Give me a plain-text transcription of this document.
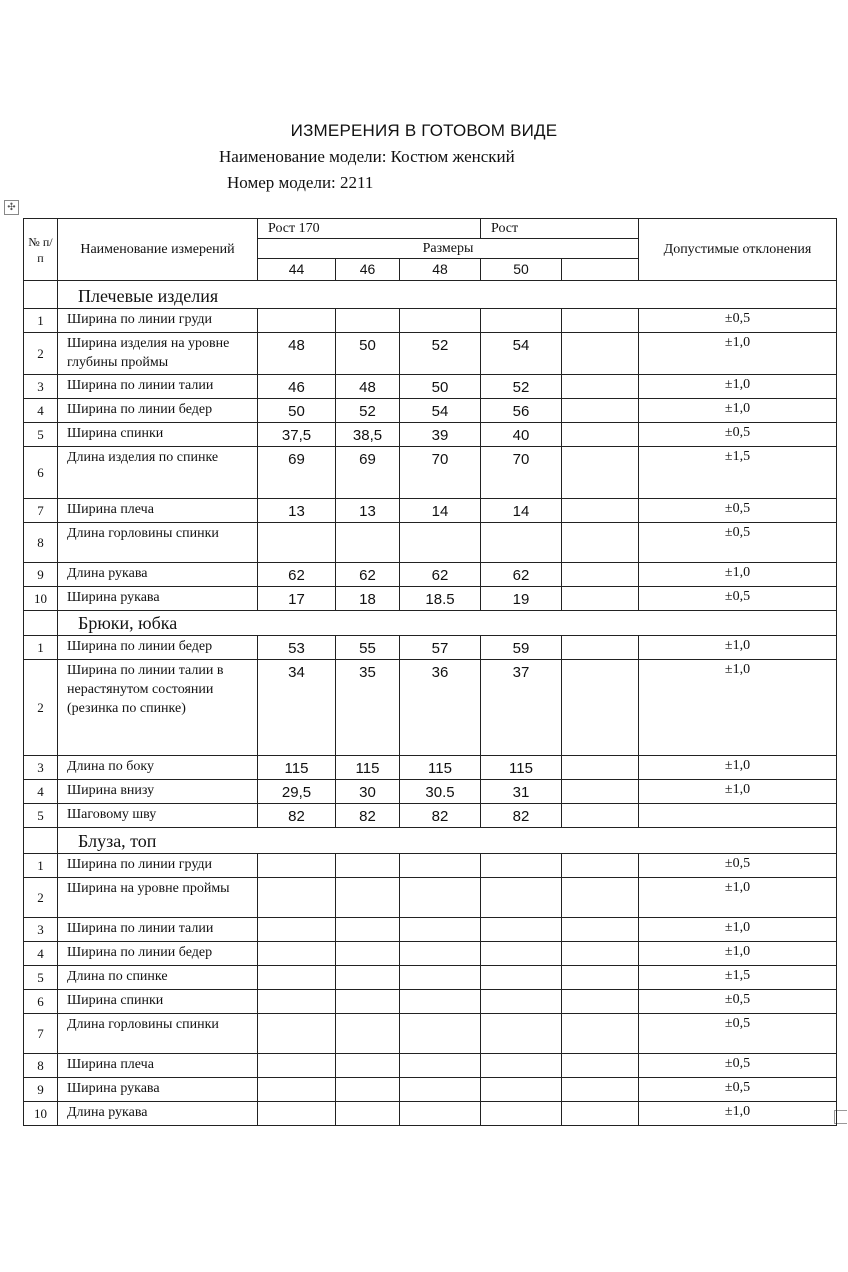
ИЗМЕРЕНИЯ В ГОТОВОМ ВИДЕ
Наименование модели: Костюм женский
Номер модели: 2211
✣
№ п/ п	Наименование измерений	Рост 170			Рост		Допустимые отклонения
		Размеры					
		44	46	48	50		
	Плечевые изделия						
1	Ширина по линии груди						±0,5
2	Ширина изделия на уровне глубины проймы	48	50	52	54		±1,0
3	Ширина по линии талии	46	48	50	52		±1,0
4	Ширина по линии бедер	50	52	54	56		±1,0
5	Ширина спинки	37,5	38,5	39	40		±0,5
6	Длина изделия по спинке	69	69	70	70		±1,5
7	Ширина плеча	13	13	14	14		±0,5
8	Длина горловины спинки						±0,5
9	Длина рукава	62	62	62	62		±1,0
10	Ширина рукава	17	18	18.5	19		±0,5
	Брюки, юбка						
1	Ширина по линии бедер	53	55	57	59		±1,0
2	Ширина по линии талии в нерастянутом состоянии (резинка по спинке)	34	35	36	37		±1,0
3	Длина по боку	115	115	115	115		±1,0
4	Ширина внизу	29,5	30	30.5	31		±1,0
5	Шаговому шву	82	82	82	82		
	Блуза, топ						
1	Ширина по линии груди						±0,5
2	Ширина на уровне проймы						±1,0
3	Ширина по линии талии						±1,0
4	Ширина по линии бедер						±1,0
5	Длина по спинке						±1,5
6	Ширина спинки						±0,5
7	Длина горловины спинки						±0,5
8	Ширина плеча						±0,5
9	Ширина рукава						±0,5
10	Длина рукава						±1,0
